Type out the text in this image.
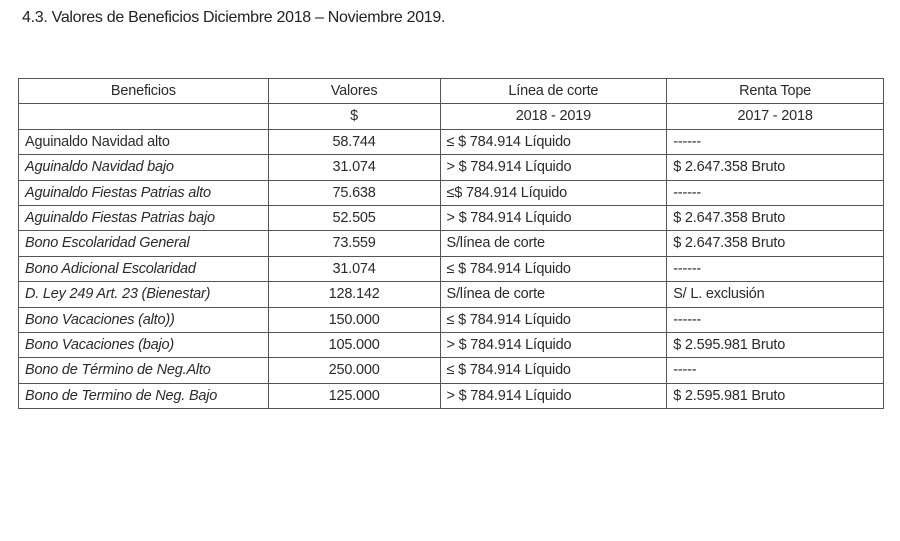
4.3. Valores de Beneficios Diciembre 2018 – Noviembre 2019.
Beneficios	Valores	Línea de corte	Renta Tope
	$	2018 - 2019	2017 - 2018
Aguinaldo Navidad alto	58.744	≤ $ 784.914 Líquido	------
Aguinaldo Navidad bajo	31.074	> $ 784.914 Líquido	$ 2.647.358 Bruto
Aguinaldo Fiestas Patrias alto	75.638	≤$ 784.914 Líquido	------
Aguinaldo Fiestas Patrias bajo	52.505	> $ 784.914 Líquido	$ 2.647.358 Bruto
Bono Escolaridad General	73.559	S/línea de corte	$ 2.647.358 Bruto
Bono Adicional Escolaridad	31.074	≤ $ 784.914 Líquido	------
D. Ley 249 Art. 23 (Bienestar)	128.142	S/línea de corte	S/ L. exclusión
Bono Vacaciones (alto))	150.000	≤ $ 784.914 Líquido	------
Bono Vacaciones (bajo)	105.000	> $ 784.914 Líquido	$ 2.595.981 Bruto
Bono de Término de Neg.Alto	250.000	≤ $ 784.914 Líquido	-----
Bono de Termino de Neg. Bajo	125.000	> $ 784.914 Líquido	$ 2.595.981 Bruto
